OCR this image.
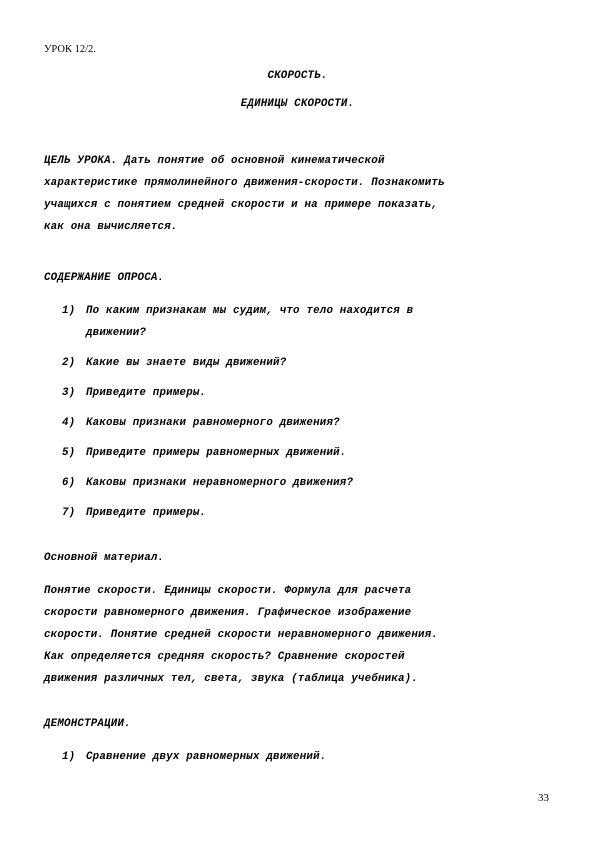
УРОК 12/2.
СКОРОСТЬ.
ЕДИНИЦЫ СКОРОСТИ.
ЦЕЛЬ УРОКА. Дать понятие об основной кинематической
характеристике прямолинейного движения-скорости. Познакомить
учащихся с понятием средней скорости и на примере показать,
как она вычисляется.
СОДЕРЖАНИЕ ОПРОСА.
1) По каким признакам мы судим, что тело находится в
движении?
2) Какие вы знаете виды движений?
3) Приведите примеры.
4) Каковы признаки равномерного движения?
5) Приведите примеры равномерных движений.
6) Каковы признаки неравномерного движения?
7) Приведите примеры.
Основной материал.
Понятие скорости. Единицы скорости. Формула для расчета
скорости равномерного движения. Графическое изображение
скорости. Понятие средней скорости неравномерного движения.
Как определяется средняя скорость? Сравнение скоростей
движения различных тел, света, звука (таблица учебника).
ДЕМОНСТРАЦИИ.
1) Сравнение двух равномерных движений.
33
